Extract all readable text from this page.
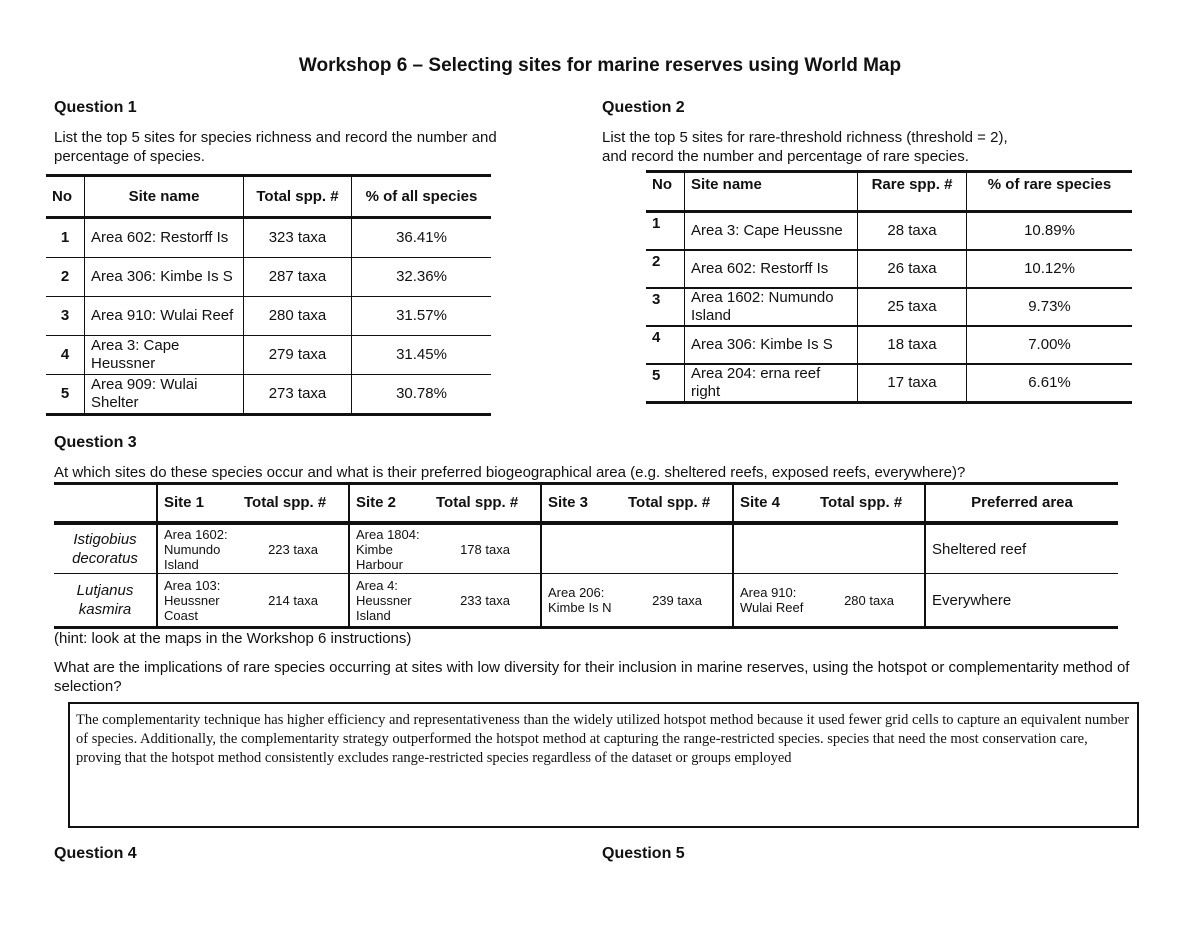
Workshop 6 – Selecting sites for marine reserves using World Map
Question 1
List the top 5 sites for species richness and record the number and percentage of species.
No	Site name	Total spp. #	% of all species
1	Area 602: Restorff Is	323 taxa	36.41%
2	Area 306: Kimbe Is S	287 taxa	32.36%
3	Area 910: Wulai Reef	280 taxa	31.57%
4	Area 3: Cape Heussner	279 taxa	31.45%
5	Area 909: Wulai Shelter	273 taxa	30.78%
Question 2
List the top 5 sites for rare-threshold richness (threshold = 2),
and record the number and percentage of rare species.
No	Site name	Rare spp. #	% of rare species
1	Area 3: Cape Heussne	28 taxa	10.89%
2	Area 602: Restorff Is	26 taxa	10.12%
3	Area 1602: Numundo Island	25 taxa	9.73%
4	Area 306: Kimbe Is S	18 taxa	7.00%
5	Area 204: erna reef right	17 taxa	6.61%
Question 3
At which sites do these species occur and what is their preferred biogeographical area (e.g. sheltered reefs, exposed reefs, everywhere)?
	Site 1	Total spp. #	Site 2	Total spp. #	Site 3	Total spp. #	Site 4	Total spp. #	Preferred area
Istigobius decoratus	Area 1602: Numundo Island	223 taxa	Area 1804: Kimbe Harbour	178 taxa					Sheltered reef
Lutjanus kasmira	Area 103: Heussner Coast	214 taxa	Area 4: Heussner Island	233 taxa	Area 206: Kimbe Is N	239 taxa	Area 910: Wulai Reef	280 taxa	Everywhere
(hint: look at the maps in the Workshop 6 instructions)
What are the implications of rare species occurring at sites with low diversity for their inclusion in marine reserves, using the hotspot or complementarity method of selection?
The complementarity technique has higher efficiency and representativeness than the widely utilized hotspot method because it used fewer grid cells to capture an equivalent number of species. Additionally, the complementarity strategy outperformed the hotspot method at capturing the range-restricted species. species that need the most conservation care, proving that the hotspot method consistently excludes range-restricted species regardless of the dataset or groups employed
Question 4	Question 5
